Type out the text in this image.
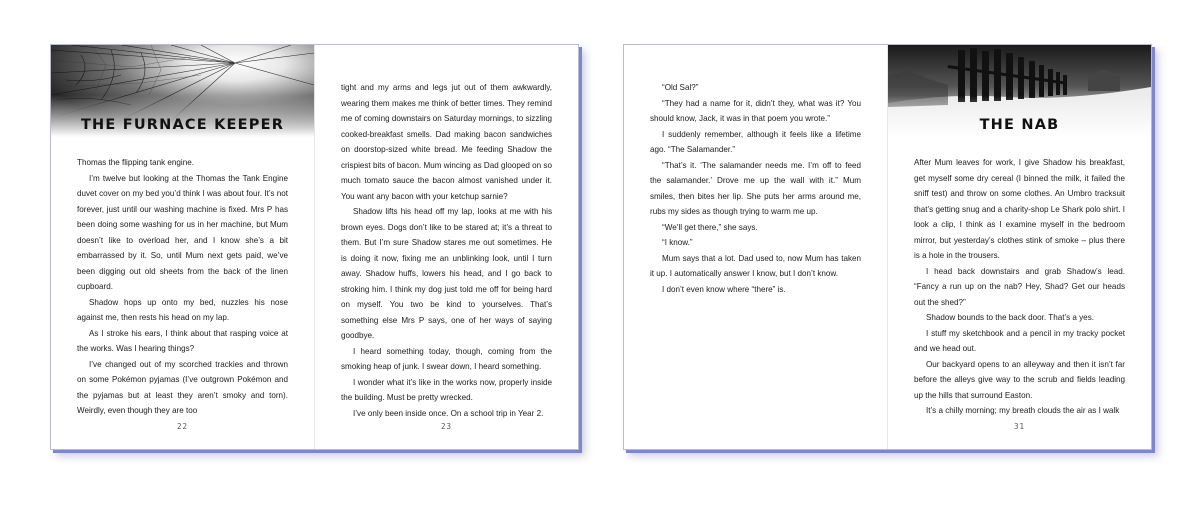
THE FURNACE KEEPER

Thomas the flipping tank engine.

I’m twelve but looking at the Thomas the Tank Engine duvet cover on my bed you’d think I was about four. It’s not forever, just until our washing machine is fixed. Mrs P has been doing some washing for us in her machine, but Mum doesn’t like to overload her, and I know she’s a bit embarrassed by it. So, until Mum next gets paid, we’ve been digging out old sheets from the back of the linen cupboard.

Shadow hops up onto my bed, nuzzles his nose against me, then rests his head on my lap.

As I stroke his ears, I think about that rasping voice at the works. Was I hearing things?

I’ve changed out of my scorched trackies and thrown on some Pokémon pyjamas (I’ve outgrown Pokémon and the pyjamas but at least they aren’t smoky and torn). Weirdly, even though they are too

22

tight and my arms and legs jut out of them awkwardly, wearing them makes me think of better times. They remind me of coming downstairs on Saturday mornings, to sizzling cooked-breakfast smells. Dad making bacon sandwiches on doorstop-sized white bread. Me feeding Shadow the crispiest bits of bacon. Mum wincing as Dad glooped on so much tomato sauce the bacon almost vanished under it. You want any bacon with your ketchup sarnie?

Shadow lifts his head off my lap, looks at me with his brown eyes. Dogs don’t like to be stared at; it’s a threat to them. But I’m sure Shadow stares me out sometimes. He is doing it now, fixing me an unblinking look, until I turn away. Shadow huffs, lowers his head, and I go back to stroking him. I think my dog just told me off for being hard on myself. You two be kind to yourselves. That’s something else Mrs P says, one of her ways of saying goodbye.

I heard something today, though, coming from the smoking heap of junk. I swear down, I heard something.

I wonder what it’s like in the works now, properly inside the building. Must be pretty wrecked.

I’ve only been inside once. On a school trip in Year 2.

23

“Old Sal?”

“They had a name for it, didn’t they, what was it? You should know, Jack, it was in that poem you wrote.”

I suddenly remember, although it feels like a lifetime ago. “The Salamander.”

“That’s it. ‘The salamander needs me. I’m off to feed the salamander.’ Drove me up the wall with it.” Mum smiles, then bites her lip. She puts her arms around me, rubs my sides as though trying to warm me up.

“We’ll get there,” she says.

“I know.”

Mum says that a lot. Dad used to, now Mum has taken it up. I automatically answer I know, but I don’t know.

I don’t even know where “there” is.

THE NAB

After Mum leaves for work, I give Shadow his breakfast, get myself some dry cereal (I binned the milk, it failed the sniff test) and throw on some clothes. An Umbro tracksuit that’s getting snug and a charity-shop Le Shark polo shirt. I look a clip, I think as I examine myself in the bedroom mirror, but yesterday’s clothes stink of smoke – plus there is a hole in the trousers.

I head back downstairs and grab Shadow’s lead. “Fancy a run up on the nab? Hey, Shad? Get our heads out the shed?”

Shadow bounds to the back door. That’s a yes.

I stuff my sketchbook and a pencil in my tracky pocket and we head out.

Our backyard opens to an alleyway and then it isn’t far before the alleys give way to the scrub and fields leading up the hills that surround Easton.

It’s a chilly morning; my breath clouds the air as I walk

31
